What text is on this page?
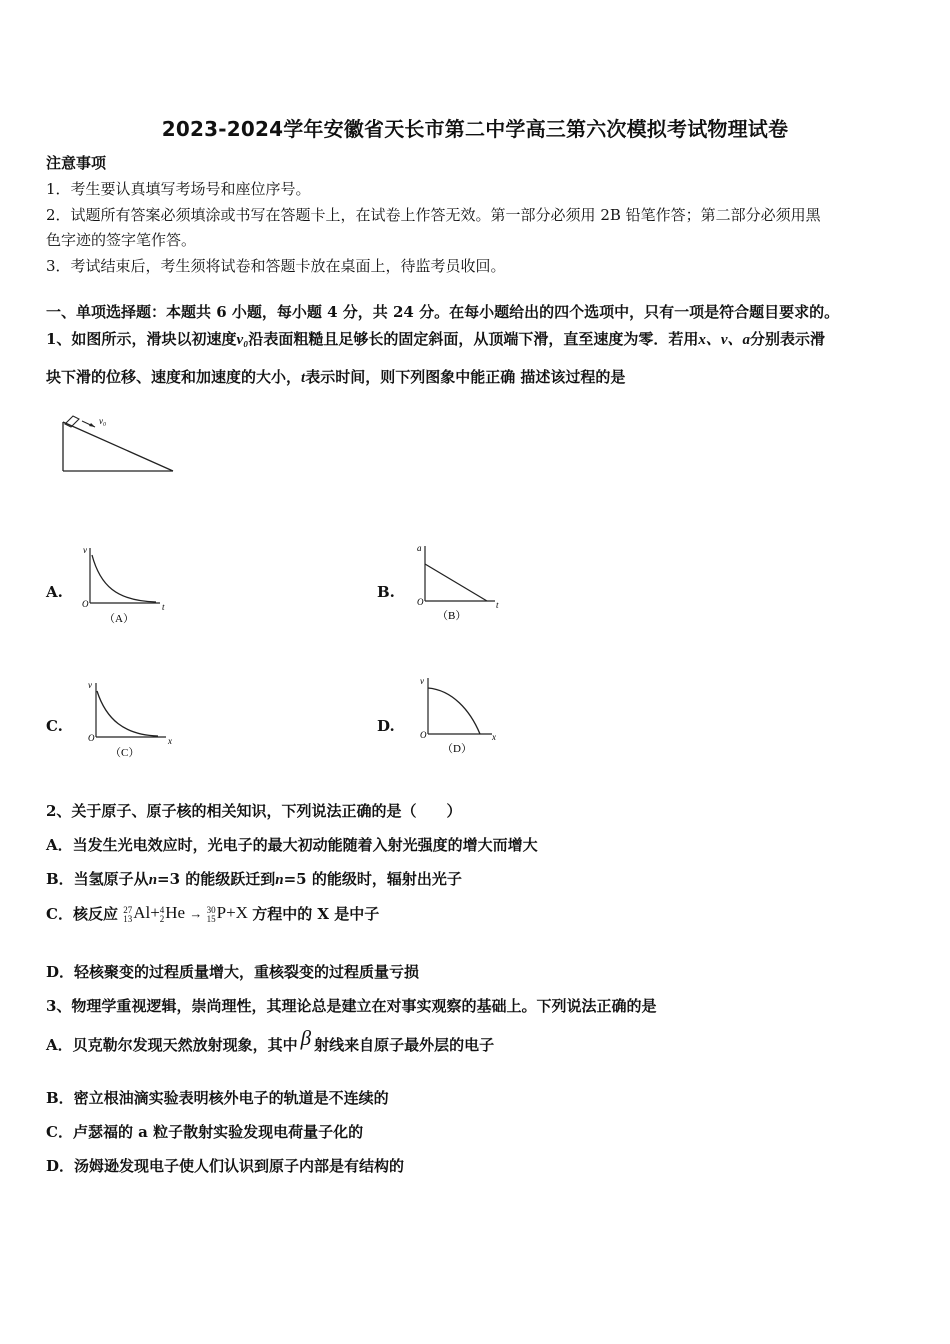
2023-2024学年安徽省天长市第二中学高三第六次模拟考试物理试卷
注意事项
1．考生要认真填写考场号和座位序号。
2．试题所有答案必须填涂或书写在答题卡上，在试卷上作答无效。第一部分必须用 2B 铅笔作答；第二部分必须用黑
色字迹的签字笔作答。
3．考试结束后，考生须将试卷和答题卡放在桌面上，待监考员收回。
一、单项选择题：本题共 6 小题，每小题 4 分，共 24 分。在每小题给出的四个选项中，只有一项是符合题目要求的。
1、如图所示，滑块以初速度v₀沿表面粗糙且足够长的固定斜面，从顶端下滑，直至速度为零．若用x、v、a分别表示滑
块下滑的位移、速度和加速度的大小，t表示时间，则下列图象中能正确 描述该过程的是
v₀
A.
v
t
O
（A）
B.
a
t
O
（B）
C.
v
x
O
（C）
D.
v
x
O
（D）
2、关于原子、原子核的相关知识，下列说法正确的是（　　）
A．当发生光电效应时，光电子的最大初动能随着入射光强度的增大而增大
B．当氢原子从n=3 的能级跃迁到n=5 的能级时，辐射出光子
C．核反应 27
13 Al+ 4
2 He → 30
15 P+X 方程中的 X 是中子
D．轻核聚变的过程质量增大，重核裂变的过程质量亏损
3、物理学重视逻辑，崇尚理性，其理论总是建立在对事实观察的基础上。下列说法正确的是
A．贝克勒尔发现天然放射现象，其中 β 射线来自原子最外层的电子
B．密立根油滴实验表明核外电子的轨道是不连续的
C．卢瑟福的 a 粒子散射实验发现电荷量子化的
D．汤姆逊发现电子使人们认识到原子内部是有结构的
